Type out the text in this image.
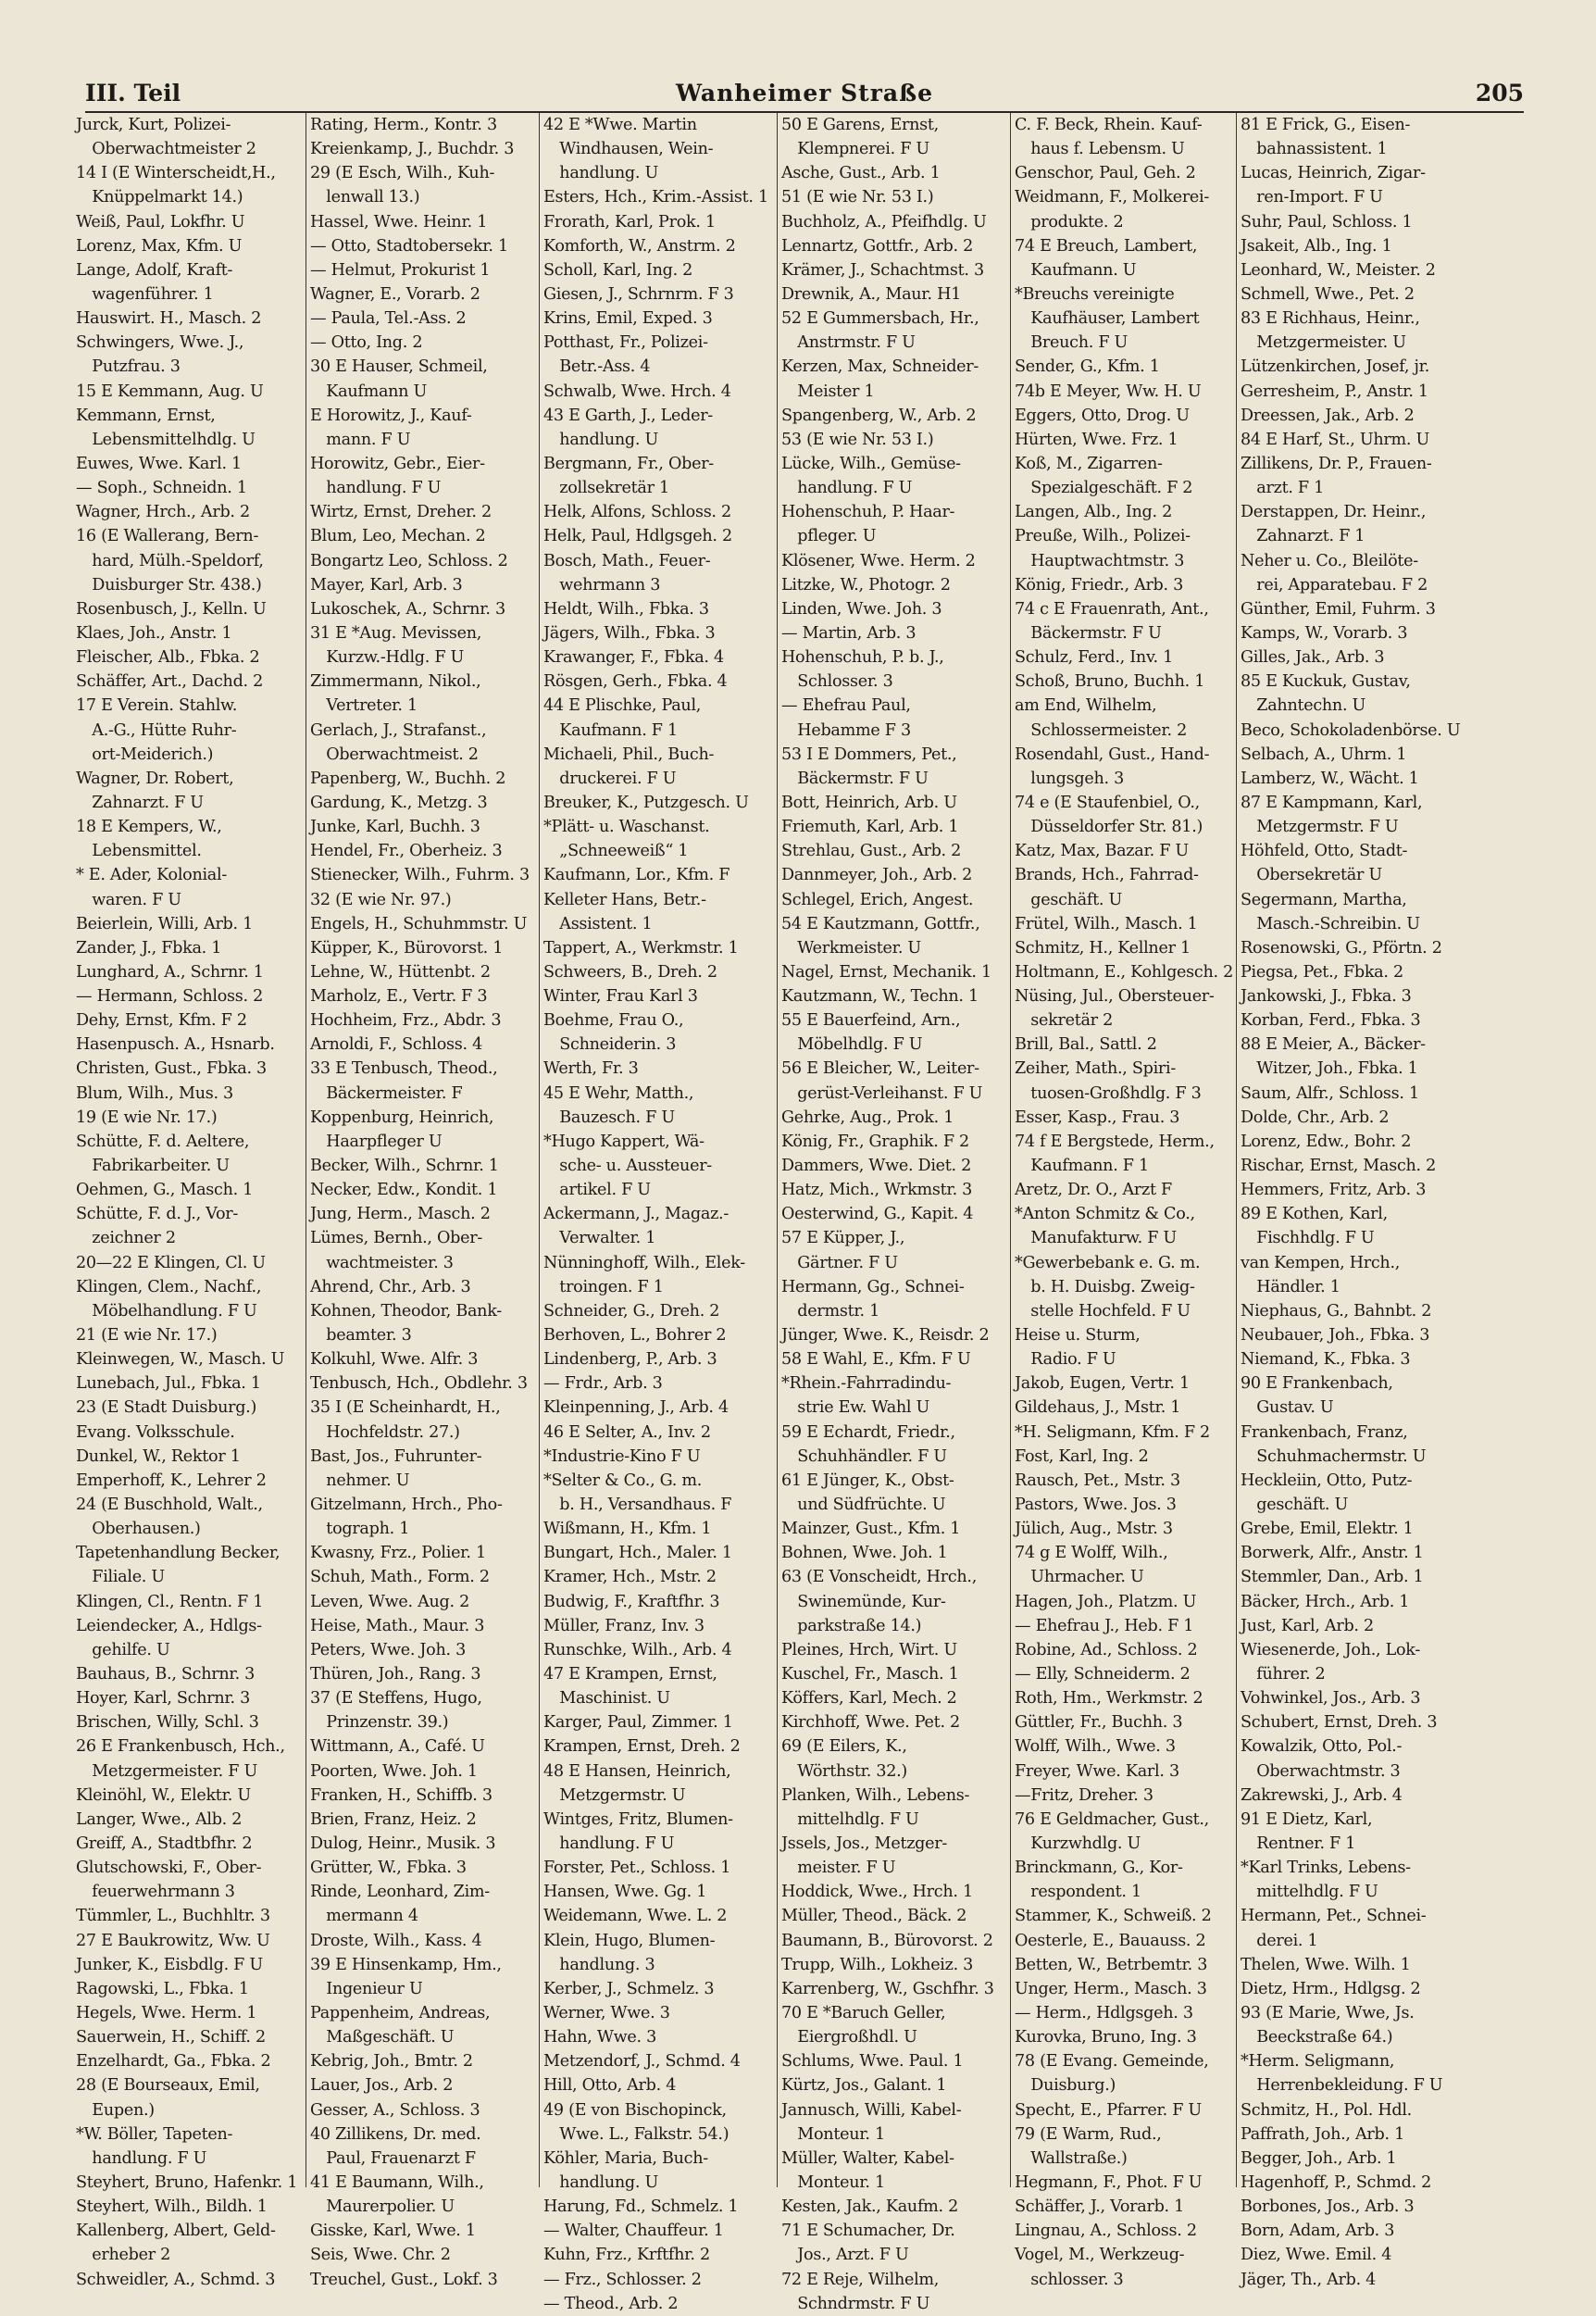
III. Teil	Wanheimer Straße	205
Jurck, Kurt, Polizei-
 Oberwachtmeister 2
14 I (E Winterscheidt,H.,
 Knüppelmarkt 14.)
Weiß, Paul, Lokfhr. U
Lorenz, Max, Kfm. U
Lange, Adolf, Kraft-
 wagenführer. 1
Hauswirt. H., Masch. 2
Schwingers, Wwe. J.,
 Putzfrau. 3
15 E Kemmann, Aug. U
Kemmann, Ernst,
 Lebensmittelhdlg. U
Euwes, Wwe. Karl. 1
— Soph., Schneidn. 1
Wagner, Hrch., Arb. 2
16 (E Wallerang, Bern-
 hard, Mülh.-Speldorf,
 Duisburger Str. 438.)
Rosenbusch, J., Kelln. U
Klaes, Joh., Anstr. 1
Fleischer, Alb., Fbka. 2
Schäffer, Art., Dachd. 2
17 E Verein. Stahlw.
 A.-G., Hütte Ruhr-
 ort-Meiderich.)
Wagner, Dr. Robert,
 Zahnarzt. F U
18 E Kempers, W.,
 Lebensmittel.
* E. Ader, Kolonial-
 waren. F U
Beierlein, Willi, Arb. 1
Zander, J., Fbka. 1
Lunghard, A., Schrnr. 1
— Hermann, Schloss. 2
Dehy, Ernst, Kfm. F 2
Hasenpusch. A., Hsnarb.
Christen, Gust., Fbka. 3
Blum, Wilh., Mus. 3
19 (E wie Nr. 17.)
Schütte, F. d. Aeltere,
 Fabrikarbeiter. U
Oehmen, G., Masch. 1
Schütte, F. d. J., Vor-
 zeichner 2
20—22 E Klingen, Cl. U
Klingen, Clem., Nachf.,
 Möbelhandlung. F U
21 (E wie Nr. 17.)
Kleinwegen, W., Masch. U
Lunebach, Jul., Fbka. 1
23 (E Stadt Duisburg.)
Evang. Volksschule.
Dunkel, W., Rektor 1
Emperhoff, K., Lehrer 2
24 (E Buschhold, Walt.,
 Oberhausen.)
Tapetenhandlung Becker,
 Filiale. U
Klingen, Cl., Rentn. F 1
Leiendecker, A., Hdlgs-
 gehilfe. U
Bauhaus, B., Schrnr. 3
Hoyer, Karl, Schrnr. 3
Brischen, Willy, Schl. 3
26 E Frankenbusch, Hch.,
 Metzgermeister. F U
Kleinöhl, W., Elektr. U
Langer, Wwe., Alb. 2
Greiff, A., Stadtbfhr. 2
Glutschowski, F., Ober-
 feuerwehrmann 3
Tümmler, L., Buchhltr. 3
27 E Baukrowitz, Ww. U
Junker, K., Eisbdlg. F U
Ragowski, L., Fbka. 1
Hegels, Wwe. Herm. 1
Sauerwein, H., Schiff. 2
Enzelhardt, Ga., Fbka. 2
28 (E Bourseaux, Emil,
 Eupen.)
*W. Böller, Tapeten-
 handlung. F U
Steyhert, Bruno, Hafenkr. 1
Steyhert, Wilh., Bildh. 1
Kallenberg, Albert, Geld-
 erheber 2
Schweidler, A., Schmd. 3
Rating, Herm., Kontr. 3
Kreienkamp, J., Buchdr. 3
29 (E Esch, Wilh., Kuh-
 lenwall 13.)
Hassel, Wwe. Heinr. 1
— Otto, Stadtobersekr. 1
— Helmut, Prokurist 1
Wagner, E., Vorarb. 2
— Paula, Tel.-Ass. 2
— Otto, Ing. 2
30 E Hauser, Schmeil,
 Kaufmann U
E Horowitz, J., Kauf-
 mann. F U
Horowitz, Gebr., Eier-
 handlung. F U
Wirtz, Ernst, Dreher. 2
Blum, Leo, Mechan. 2
Bongartz Leo, Schloss. 2
Mayer, Karl, Arb. 3
Lukoschek, A., Schrnr. 3
31 E *Aug. Mevissen,
 Kurzw.-Hdlg. F U
Zimmermann, Nikol.,
 Vertreter. 1
Gerlach, J., Strafanst.,
 Oberwachtmeist. 2
Papenberg, W., Buchh. 2
Gardung, K., Metzg. 3
Junke, Karl, Buchh. 3
Hendel, Fr., Oberheiz. 3
Stienecker, Wilh., Fuhrm. 3
32 (E wie Nr. 97.)
Engels, H., Schuhmmstr. U
Küpper, K., Bürovorst. 1
Lehne, W., Hüttenbt. 2
Marholz, E., Vertr. F 3
Hochheim, Frz., Abdr. 3
Arnoldi, F., Schloss. 4
33 E Tenbusch, Theod.,
 Bäckermeister. F
Koppenburg, Heinrich,
 Haarpfleger U
Becker, Wilh., Schrnr. 1
Necker, Edw., Kondit. 1
Jung, Herm., Masch. 2
Lümes, Bernh., Ober-
 wachtmeister. 3
Ahrend, Chr., Arb. 3
Kohnen, Theodor, Bank-
 beamter. 3
Kolkuhl, Wwe. Alfr. 3
Tenbusch, Hch., Obdlehr. 3
35 I (E Scheinhardt, H.,
 Hochfeldstr. 27.)
Bast, Jos., Fuhrunter-
 nehmer. U
Gitzelmann, Hrch., Pho-
 tograph. 1
Kwasny, Frz., Polier. 1
Schuh, Math., Form. 2
Leven, Wwe. Aug. 2
Heise, Math., Maur. 3
Peters, Wwe. Joh. 3
Thüren, Joh., Rang. 3
37 (E Steffens, Hugo,
 Prinzenstr. 39.)
Wittmann, A., Café. U
Poorten, Wwe. Joh. 1
Franken, H., Schiffb. 3
Brien, Franz, Heiz. 2
Dulog, Heinr., Musik. 3
Grütter, W., Fbka. 3
Rinde, Leonhard, Zim-
 mermann 4
Droste, Wilh., Kass. 4
39 E Hinsenkamp, Hm.,
 Ingenieur U
Pappenheim, Andreas,
 Maßgeschäft. U
Kebrig, Joh., Bmtr. 2
Lauer, Jos., Arb. 2
Gesser, A., Schloss. 3
40 Zillikens, Dr. med.
 Paul, Frauenarzt F
41 E Baumann, Wilh.,
 Maurerpolier. U
Gisske, Karl, Wwe. 1
Seis, Wwe. Chr. 2
Treuchel, Gust., Lokf. 3
42 E *Wwe. Martin
 Windhausen, Wein-
 handlung. U
Esters, Hch., Krim.-Assist. 1
Frorath, Karl, Prok. 1
Komforth, W., Anstrm. 2
Scholl, Karl, Ing. 2
Giesen, J., Schrnrm. F 3
Krins, Emil, Exped. 3
Potthast, Fr., Polizei-
 Betr.-Ass. 4
Schwalb, Wwe. Hrch. 4
43 E Garth, J., Leder-
 handlung. U
Bergmann, Fr., Ober-
 zollsekretär 1
Helk, Alfons, Schloss. 2
Helk, Paul, Hdlgsgeh. 2
Bosch, Math., Feuer-
 wehrmann 3
Heldt, Wilh., Fbka. 3
Jägers, Wilh., Fbka. 3
Krawanger, F., Fbka. 4
Rösgen, Gerh., Fbka. 4
44 E Plischke, Paul,
 Kaufmann. F 1
Michaeli, Phil., Buch-
 druckerei. F U
Breuker, K., Putzgesch. U
*Plätt- u. Waschanst.
 „Schneeweiß“ 1
Kaufmann, Lor., Kfm. F
Kelleter Hans, Betr.-
 Assistent. 1
Tappert, A., Werkmstr. 1
Schweers, B., Dreh. 2
Winter, Frau Karl 3
Boehme, Frau O.,
 Schneiderin. 3
Werth, Fr. 3
45 E Wehr, Matth.,
 Bauzesch. F U
*Hugo Kappert, Wä-
 sche- u. Aussteuer-
 artikel. F U
Ackermann, J., Magaz.-
 Verwalter. 1
Nünninghoff, Wilh., Elek-
 troingen. F 1
Schneider, G., Dreh. 2
Berhoven, L., Bohrer 2
Lindenberg, P., Arb. 3
— Frdr., Arb. 3
Kleinpenning, J., Arb. 4
46 E Selter, A., Inv. 2
*Industrie-Kino F U
*Selter & Co., G. m.
 b. H., Versandhaus. F
Wißmann, H., Kfm. 1
Bungart, Hch., Maler. 1
Kramer, Hch., Mstr. 2
Budwig, F., Kraftfhr. 3
Müller, Franz, Inv. 3
Runschke, Wilh., Arb. 4
47 E Krampen, Ernst,
 Maschinist. U
Karger, Paul, Zimmer. 1
Krampen, Ernst, Dreh. 2
48 E Hansen, Heinrich,
 Metzgermstr. U
Wintges, Fritz, Blumen-
 handlung. F U
Forster, Pet., Schloss. 1
Hansen, Wwe. Gg. 1
Weidemann, Wwe. L. 2
Klein, Hugo, Blumen-
 handlung. 3
Kerber, J., Schmelz. 3
Werner, Wwe. 3
Hahn, Wwe. 3
Metzendorf, J., Schmd. 4
Hill, Otto, Arb. 4
49 (E von Bischopinck,
 Wwe. L., Falkstr. 54.)
Köhler, Maria, Buch-
 handlung. U
Harung, Fd., Schmelz. 1
— Walter, Chauffeur. 1
Kuhn, Frz., Krftfhr. 2
— Frz., Schlosser. 2
— Theod., Arb. 2
50 E Garens, Ernst,
 Klempnerei. F U
Asche, Gust., Arb. 1
51 (E wie Nr. 53 I.)
Buchholz, A., Pfeifhdlg. U
Lennartz, Gottfr., Arb. 2
Krämer, J., Schachtmst. 3
Drewnik, A., Maur. H1
52 E Gummersbach, Hr.,
 Anstrmstr. F U
Kerzen, Max, Schneider-
 Meister 1
Spangenberg, W., Arb. 2
53 (E wie Nr. 53 I.)
Lücke, Wilh., Gemüse-
 handlung. F U
Hohenschuh, P. Haar-
 pfleger. U
Klösener, Wwe. Herm. 2
Litzke, W., Photogr. 2
Linden, Wwe. Joh. 3
— Martin, Arb. 3
Hohenschuh, P. b. J.,
 Schlosser. 3
— Ehefrau Paul,
 Hebamme F 3
53 I E Dommers, Pet.,
 Bäckermstr. F U
Bott, Heinrich, Arb. U
Friemuth, Karl, Arb. 1
Strehlau, Gust., Arb. 2
Dannmeyer, Joh., Arb. 2
Schlegel, Erich, Angest.
54 E Kautzmann, Gottfr.,
 Werkmeister. U
Nagel, Ernst, Mechanik. 1
Kautzmann, W., Techn. 1
55 E Bauerfeind, Arn.,
 Möbelhdlg. F U
56 E Bleicher, W., Leiter-
 gerüst-Verleihanst. F U
Gehrke, Aug., Prok. 1
König, Fr., Graphik. F 2
Dammers, Wwe. Diet. 2
Hatz, Mich., Wrkmstr. 3
Oesterwind, G., Kapit. 4
57 E Küpper, J.,
 Gärtner. F U
Hermann, Gg., Schnei-
 dermstr. 1
Jünger, Wwe. K., Reisdr. 2
58 E Wahl, E., Kfm. F U
*Rhein.-Fahrradindu-
 strie Ew. Wahl U
59 E Echardt, Friedr.,
 Schuhhändler. F U
61 E Jünger, K., Obst-
 und Südfrüchte. U
Mainzer, Gust., Kfm. 1
Bohnen, Wwe. Joh. 1
63 (E Vonscheidt, Hrch.,
 Swinemünde, Kur-
 parkstraße 14.)
Pleines, Hrch, Wirt. U
Kuschel, Fr., Masch. 1
Köffers, Karl, Mech. 2
Kirchhoff, Wwe. Pet. 2
69 (E Eilers, K.,
 Wörthstr. 32.)
Planken, Wilh., Lebens-
 mittelhdlg. F U
Jssels, Jos., Metzger-
 meister. F U
Hoddick, Wwe., Hrch. 1
Müller, Theod., Bäck. 2
Baumann, B., Bürovorst. 2
Trupp, Wilh., Lokheiz. 3
Karrenberg, W., Gschfhr. 3
70 E *Baruch Geller,
 Eiergroßhdl. U
Schlums, Wwe. Paul. 1
Kürtz, Jos., Galant. 1
Jannusch, Willi, Kabel-
 Monteur. 1
Müller, Walter, Kabel-
 Monteur. 1
Kesten, Jak., Kaufm. 2
71 E Schumacher, Dr.
 Jos., Arzt. F U
72 E Reje, Wilhelm,
 Schndrmstr. F U
C. F. Beck, Rhein. Kauf-
 haus f. Lebensm. U
Genschor, Paul, Geh. 2
Weidmann, F., Molkerei-
 produkte. 2
74 E Breuch, Lambert,
 Kaufmann. U
*Breuchs vereinigte
 Kaufhäuser, Lambert
 Breuch. F U
Sender, G., Kfm. 1
74b E Meyer, Ww. H. U
Eggers, Otto, Drog. U
Hürten, Wwe. Frz. 1
Koß, M., Zigarren-
 Spezialgeschäft. F 2
Langen, Alb., Ing. 2
Preuße, Wilh., Polizei-
 Hauptwachtmstr. 3
König, Friedr., Arb. 3
74 c E Frauenrath, Ant.,
 Bäckermstr. F U
Schulz, Ferd., Inv. 1
Schoß, Bruno, Buchh. 1
am End, Wilhelm,
 Schlossermeister. 2
Rosendahl, Gust., Hand-
 lungsgeh. 3
74 e (E Staufenbiel, O.,
 Düsseldorfer Str. 81.)
Katz, Max, Bazar. F U
Brands, Hch., Fahrrad-
 geschäft. U
Frütel, Wilh., Masch. 1
Schmitz, H., Kellner 1
Holtmann, E., Kohlgesch. 2
Nüsing, Jul., Obersteuer-
 sekretär 2
Brill, Bal., Sattl. 2
Zeiher, Math., Spiri-
 tuosen-Großhdlg. F 3
Esser, Kasp., Frau. 3
74 f E Bergstede, Herm.,
 Kaufmann. F 1
Aretz, Dr. O., Arzt F
*Anton Schmitz & Co.,
 Manufakturw. F U
*Gewerbebank e. G. m.
 b. H. Duisbg. Zweig-
 stelle Hochfeld. F U
Heise u. Sturm,
 Radio. F U
Jakob, Eugen, Vertr. 1
Gildehaus, J., Mstr. 1
*H. Seligmann, Kfm. F 2
Fost, Karl, Ing. 2
Rausch, Pet., Mstr. 3
Pastors, Wwe. Jos. 3
Jülich, Aug., Mstr. 3
74 g E Wolff, Wilh.,
 Uhrmacher. U
Hagen, Joh., Platzm. U
— Ehefrau J., Heb. F 1
Robine, Ad., Schloss. 2
— Elly, Schneiderm. 2
Roth, Hm., Werkmstr. 2
Güttler, Fr., Buchh. 3
Wolff, Wilh., Wwe. 3
Freyer, Wwe. Karl. 3
—Fritz, Dreher. 3
76 E Geldmacher, Gust.,
 Kurzwhdlg. U
Brinckmann, G., Kor-
 respondent. 1
Stammer, K., Schweiß. 2
Oesterle, E., Bauauss. 2
Betten, W., Betrbemtr. 3
Unger, Herm., Masch. 3
— Herm., Hdlgsgeh. 3
Kurovka, Bruno, Ing. 3
78 (E Evang. Gemeinde,
 Duisburg.)
Specht, E., Pfarrer. F U
79 (E Warm, Rud.,
 Wallstraße.)
Hegmann, F., Phot. F U
Schäffer, J., Vorarb. 1
Lingnau, A., Schloss. 2
Vogel, M., Werkzeug-
 schlosser. 3
81 E Frick, G., Eisen-
 bahnassistent. 1
Lucas, Heinrich, Zigar-
 ren-Import. F U
Suhr, Paul, Schloss. 1
Jsakeit, Alb., Ing. 1
Leonhard, W., Meister. 2
Schmell, Wwe., Pet. 2
83 E Richhaus, Heinr.,
 Metzgermeister. U
Lützenkirchen, Josef, jr.
Gerresheim, P., Anstr. 1
Dreessen, Jak., Arb. 2
84 E Harf, St., Uhrm. U
Zillikens, Dr. P., Frauen-
 arzt. F 1
Derstappen, Dr. Heinr.,
 Zahnarzt. F 1
Neher u. Co., Bleilöte-
 rei, Apparatebau. F 2
Günther, Emil, Fuhrm. 3
Kamps, W., Vorarb. 3
Gilles, Jak., Arb. 3
85 E Kuckuk, Gustav,
 Zahntechn. U
Beco, Schokoladenbörse. U
Selbach, A., Uhrm. 1
Lamberz, W., Wächt. 1
87 E Kampmann, Karl,
 Metzgermstr. F U
Höhfeld, Otto, Stadt-
 Obersekretär U
Segermann, Martha,
 Masch.-Schreibin. U
Rosenowski, G., Pförtn. 2
Piegsa, Pet., Fbka. 2
Jankowski, J., Fbka. 3
Korban, Ferd., Fbka. 3
88 E Meier, A., Bäcker-
 Witzer, Joh., Fbka. 1
Saum, Alfr., Schloss. 1
Dolde, Chr., Arb. 2
Lorenz, Edw., Bohr. 2
Rischar, Ernst, Masch. 2
Hemmers, Fritz, Arb. 3
89 E Kothen, Karl,
 Fischhdlg. F U
van Kempen, Hrch.,
 Händler. 1
Niephaus, G., Bahnbt. 2
Neubauer, Joh., Fbka. 3
Niemand, K., Fbka. 3
90 E Frankenbach,
 Gustav. U
Frankenbach, Franz,
 Schuhmachermstr. U
Heckleiin, Otto, Putz-
 geschäft. U
Grebe, Emil, Elektr. 1
Borwerk, Alfr., Anstr. 1
Stemmler, Dan., Arb. 1
Bäcker, Hrch., Arb. 1
Just, Karl, Arb. 2
Wiesenerde, Joh., Lok-
 führer. 2
Vohwinkel, Jos., Arb. 3
Schubert, Ernst, Dreh. 3
Kowalzik, Otto, Pol.-
 Oberwachtmstr. 3
Zakrewski, J., Arb. 4
91 E Dietz, Karl,
 Rentner. F 1
*Karl Trinks, Lebens-
 mittelhdlg. F U
Hermann, Pet., Schnei-
 derei. 1
Thelen, Wwe. Wilh. 1
Dietz, Hrm., Hdlgsg. 2
93 (E Marie, Wwe, Js.
 Beeckstraße 64.)
*Herm. Seligmann,
 Herrenbekleidung. F U
Schmitz, H., Pol. Hdl.
Paffrath, Joh., Arb. 1
Begger, Joh., Arb. 1
Hagenhoff, P., Schmd. 2
Borbones, Jos., Arb. 3
Born, Adam, Arb. 3
Diez, Wwe. Emil. 4
Jäger, Th., Arb. 4
